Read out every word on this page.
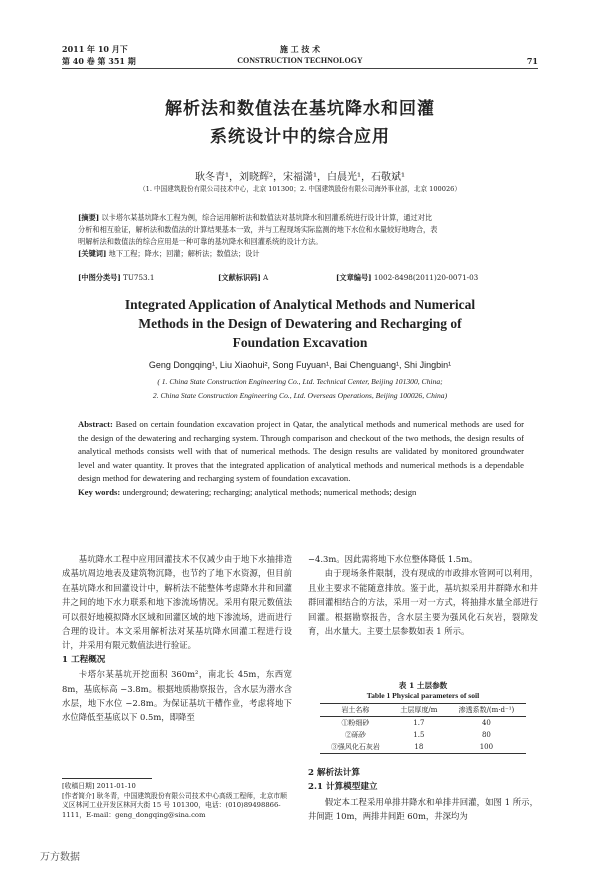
2011 年 10 月下
第 40 卷 第 351 期
施 工 技 术
CONSTRUCTION TECHNOLOGY	71
解析法和数值法在基坑降水和回灌
系统设计中的综合应用
耿冬青¹，刘晓辉²，宋福潇¹，白晨光¹，石敬斌¹
（1. 中国建筑股份有限公司技术中心，北京 101300；2. 中国建筑股份有限公司海外事业部，北京 100026）
[摘要] 以卡塔尔某基坑降水工程为例，综合运用解析法和数值法对基坑降水和回灌系统进行设计计算，通过对比
分析和相互验证，解析法和数值法的计算结果基本一致，并与工程现场实际监测的地下水位和水量较好地吻合，表
明解析法和数值法的综合应用是一种可靠的基坑降水和回灌系统的设计方法。
[关键词] 地下工程；降水；回灌；解析法；数值法；设计
[中图分类号] TU753.1	[文献标识码] A	[文章编号] 1002-8498(2011)20-0071-03
Integrated Application of Analytical Methods and Numerical
Methods in the Design of Dewatering and Recharging of
Foundation Excavation
Geng Dongqing¹, Liu Xiaohui², Song Fuyuan¹, Bai Chenguang¹, Shi Jingbin¹
( 1. China State Construction Engineering Co., Ltd. Technical Center, Beijing 101300, China;
2. China State Construction Engineering Co., Ltd. Overseas Operations, Beijing 100026, China)
Abstract: Based on certain foundation excavation project in Qatar, the analytical methods and numerical methods are used for the design of the dewatering and recharging system. Through comparison and checkout of the two methods, the design results of analytical methods consists well with that of numerical methods. The design results are validated by monitored groundwater level and water quantity. It proves that the integrated application of analytical methods and numerical methods is a dependable design method for dewatering and recharging system of foundation excavation.
Key words: underground; dewatering; recharging; analytical methods; numerical methods; design

基坑降水工程中应用回灌技术不仅减少由于地下水抽排造成基坑周边地表及建筑物沉降，也节约了地下水资源，但目前在基坑降水和回灌设计中，解析法不能整体考虑降水井和回灌井之间的地下水力联系和地下渗流场情况。采用有限元数值法可以很好地模拟降水区域和回灌区域的地下渗流场，进而进行合理的设计。本文采用解析法对某基坑降水回灌工程进行设计，并采用有限元数值法进行验证。

1 工程概况

卡塔尔某基坑开挖面积 360m²，南北长 45m，东西宽 8m，基底标高 −3.8m。根据地质勘察报告，含水层为潜水含水层，地下水位 −2.8m。为保证基坑干槽作业，考虑将地下水位降低至基底以下 0.5m，即降至

[收稿日期] 2011-01-10
[作者简介] 耿冬青，中国建筑股份有限公司技术中心高级工程师，北京市顺义区林河工业开发区林河大街 15 号 101300，电话：(010)89498866-1111，E-mail：geng_dongqing@sina.com
−4.3m。因此需将地下水位整体降低 1.5m。

由于现场条件限制，没有现成的市政排水管网可以利用，且业主要求不能随意排放。鉴于此，基坑拟采用井群降水和井群回灌相结合的方法，采用一对一方式，将抽排水量全部进行回灌。根据勘察报告，含水层主要为强风化石灰岩，裂隙发育，出水量大。主要土层参数如表 1 所示。

表 1 土层参数
Table 1 Physical parameters of soil
岩土名称	土层厚度/m	渗透系数/(m·d⁻¹)
①粉细砂	1.7	40
②砾砂	1.5	80
③强风化石灰岩	18	100
2 解析法计算
2.1 计算模型建立

假定本工程采用单排井降水和单排井回灌，如图 1 所示，井间距 10m，两排井间距 60m，井深均为

万方数据
